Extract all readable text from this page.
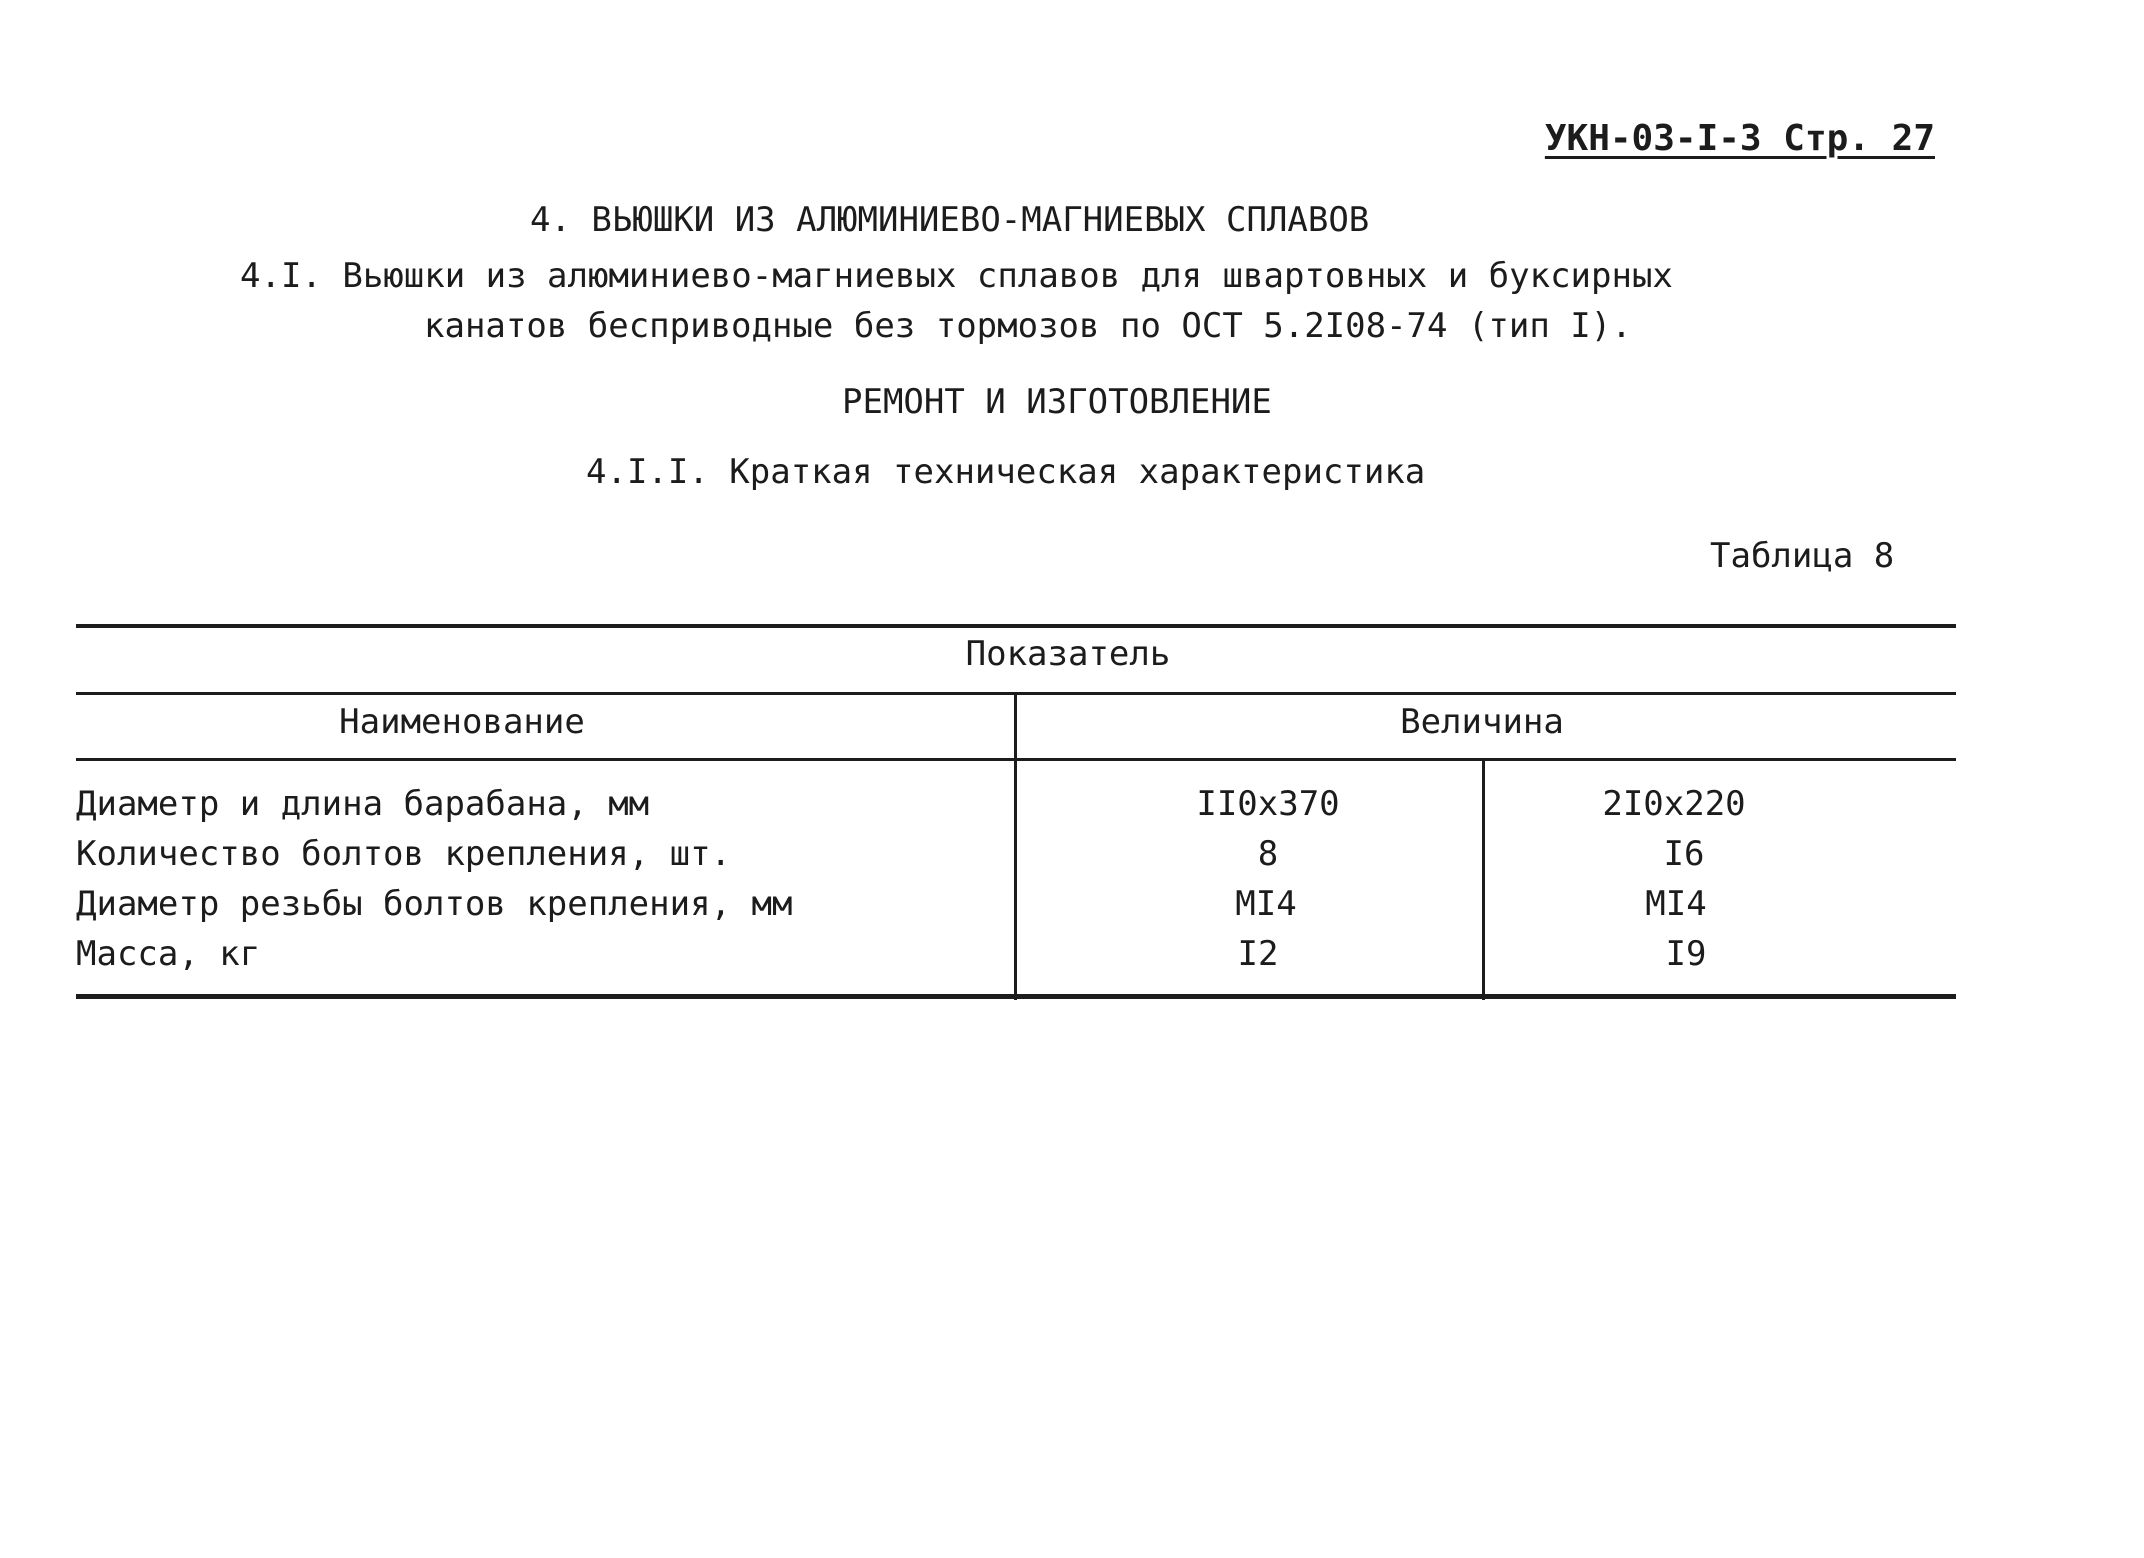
УКН-03-I-3 Стр. 27
4. ВЬЮШКИ ИЗ АЛЮМИНИЕВО-МАГНИЕВЫХ СПЛАВОВ
4.I. Вьюшки из алюминиево-магниевых сплавов для швартовных и буксирных
канатов бесприводные без тормозов по ОСТ 5.2I08-74 (тип I).
РЕМОНТ И ИЗГОТОВЛЕНИЕ
4.I.I. Краткая техническая характеристика
Таблица 8
Показатель
Наименование	Величина
Диаметр и длина барабана, мм	II0x370	2I0x220
Количество болтов крепления, шт.	8	I6
Диаметр резьбы болтов крепления, мм	MI4	MI4
Масса, кг	I2	I9
